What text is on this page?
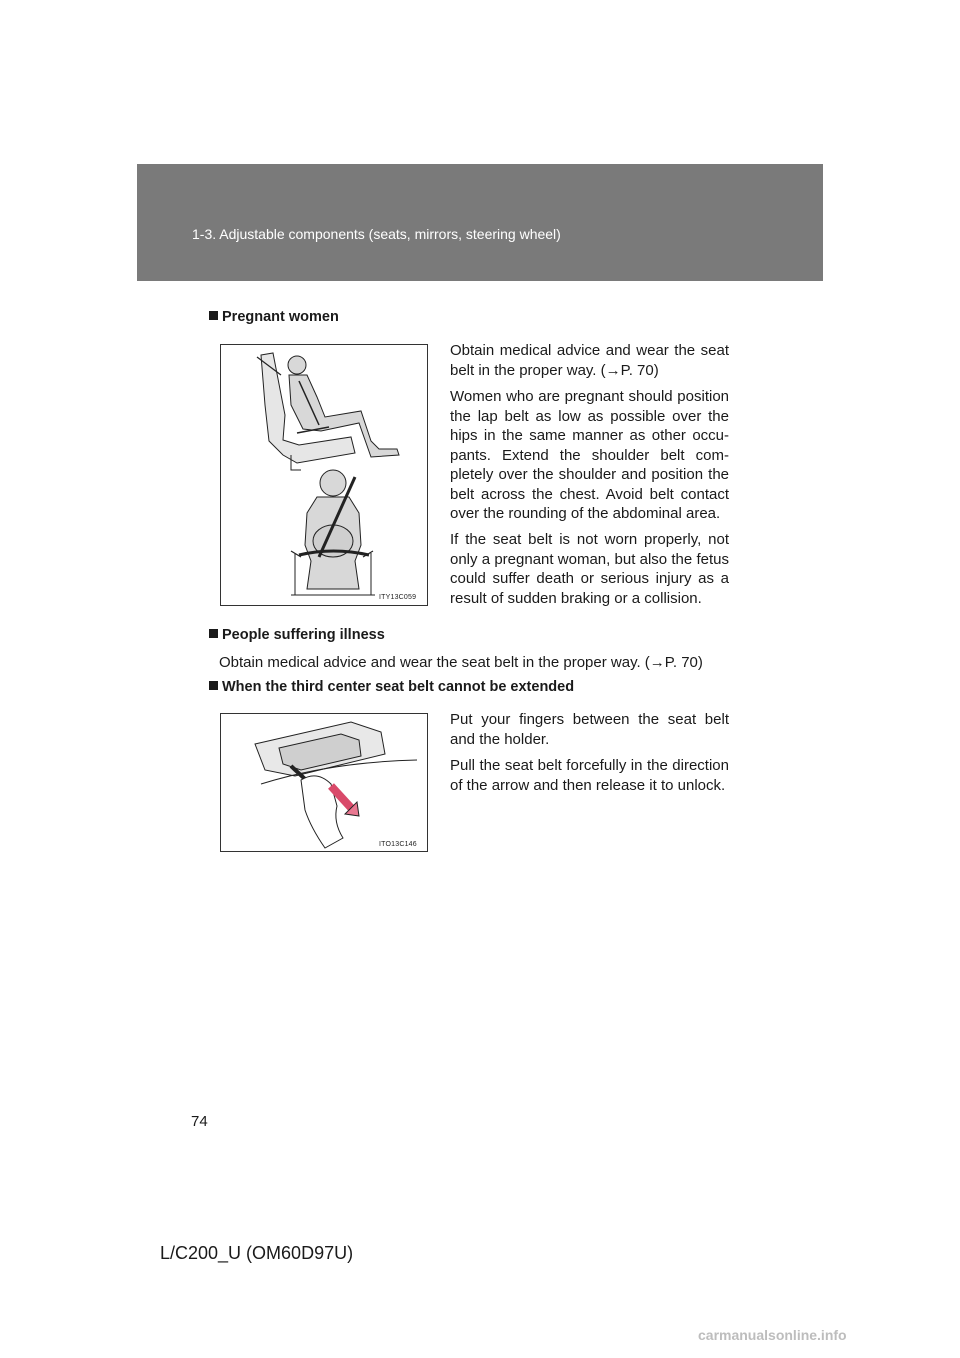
1-3. Adjustable components (seats, mirrors, steering wheel)
Pregnant women
ITY13C059

Obtain medical advice and wear the seat belt in the proper way. (→P. 70)

Women who are pregnant should position the lap belt as low as possible over the hips in the same manner as other occu-pants. Extend the shoulder belt com-pletely over the shoulder and position the belt across the chest. Avoid belt contact over the rounding of the abdominal area.

If the seat belt is not worn properly, not only a pregnant woman, but also the fetus could suffer death or serious injury as a result of sudden braking or a collision.

People suffering illness

Obtain medical advice and wear the seat belt in the proper way. (→P. 70)

When the third center seat belt cannot be extended
ITO13C146

Put your fingers between the seat belt and the holder.

Pull the seat belt forcefully in the direction of the arrow and then release it to unlock.

74
L/C200_U (OM60D97U)
carmanualsonline.info
